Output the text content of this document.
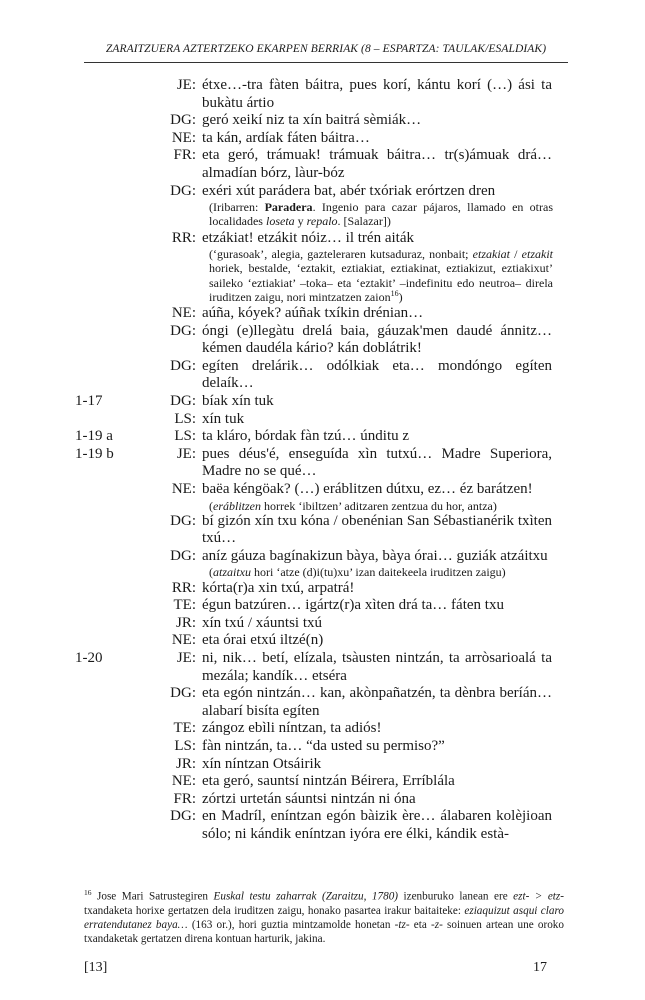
ZARAITZUERA AZTERTZEKO EKARPEN BERRIAK (8 – ESPARTZA: TAULAK/ESALDIAK)
JE: étxe…-tra fàten báitra, pues korí, kántu korí (…) ási ta bukàtu ártio
DG: geró xeikí niz ta xín baitrá sèmiák…
NE: ta kán, ardíak fáten báitra…
FR: eta geró, trámuak! trámuak báitra… tr(s)ámuak drá… almadían bórz, làur-bóz
DG: exéri xút parádera bat, abér txóriak erórtzen dren
(Iribarren: Paradera. Ingenio para cazar pájaros, llamado en otras localidades loseta y repalo. [Salazar])
RR: etzákiat! etzákit nóiz… il trén aiták
(‘gurasoak’, alegia, gazteleraren kutsaduraz, nonbait; etzakiat / etzakit horiek, bestalde, ‘eztakit, eztiakiat, eztiakinat, eztiakizut, eztiakixut’ saileko ‘eztiakiat’ –toka– eta ‘eztakit’ –indefinitu edo neutroa– direla iruditzen zaigu, nori mintzatzen zaion$^{16}$)
NE: aúña, kóyek? aúñak txíkin drénian…
DG: óngi (e)llegàtu drelá baia, gáuzak'men daudé ánnitz… kémen daudéla kário? kán doblátrik!
DG: egíten drelárik… odólkiak eta… mondóngo egíten delaík…
1-17	DG: bíak xín tuk
LS: xín tuk
1-19 a	LS: ta kláro, bórdak fàn tzú… únditu z
1-19 b	JE: pues déus'é, enseguída xìn tutxú… Madre Superiora, Madre no se qué…
NE: baëa kéngöak? (…) eráblitzen dútxu, ez… éz barátzen!
(eráblitzen horrek ‘ibiltzen’ aditzaren zentzua du hor, antza)
DG: bí gizón xín txu kóna / obenénian San Sébastianérik txìten txú…
DG: aníz gáuza bagínakizun bàya, bàya órai… guziák atzáitxu
(atzaitxu hori ‘atze (d)i(tu)xu’ izan daitekeela iruditzen zaigu)
RR: kórta(r)a xin txú, arpatrá!
TE: égun batzúren… igártz(r)a xìten drá ta… fáten txu
JR: xín txú / xáuntsi txú
NE: eta órai etxú iltzé(n)
1-20	JE: ni, nik… betí, elízala, tsàusten nintzán, ta arròsarioalá ta mezála; kandík… etséra
DG: eta egón nintzán… kan, akònpañatzén, ta dènbra beríán… alabarí bisíta egíten
TE: zángoz ebìli níntzan, ta adiós!
LS: fàn nintzán, ta… “da usted su permiso?”
JR: xín níntzan Otsáirik
NE: eta geró, sauntsí nintzán Béirera, Erríblála
FR: zórtzi urtetán sáuntsi nintzán ni óna
DG: en Madríl, eníntzan egón bàizik ère… álabaren kolèjioan sólo; ni kándik eníntzan iyóra ere élki, kándik està-
$^{16}$ Jose Mari Satrustegiren Euskal testu zaharrak (Zaraitzu, 1780) izenburuko lanean ere ezt- > etz- txandaketa horixe gertatzen dela iruditzen zaigu, honako pasartea irakur baitaiteke: eziaquizut asqui claro erratendutanez baya… (163 or.), hori guztia mintzamolde honetan -tz- eta -z- soinuen artean une oroko txandaketak gertatzen direna kontuan harturik, jakina.
[13]	17
